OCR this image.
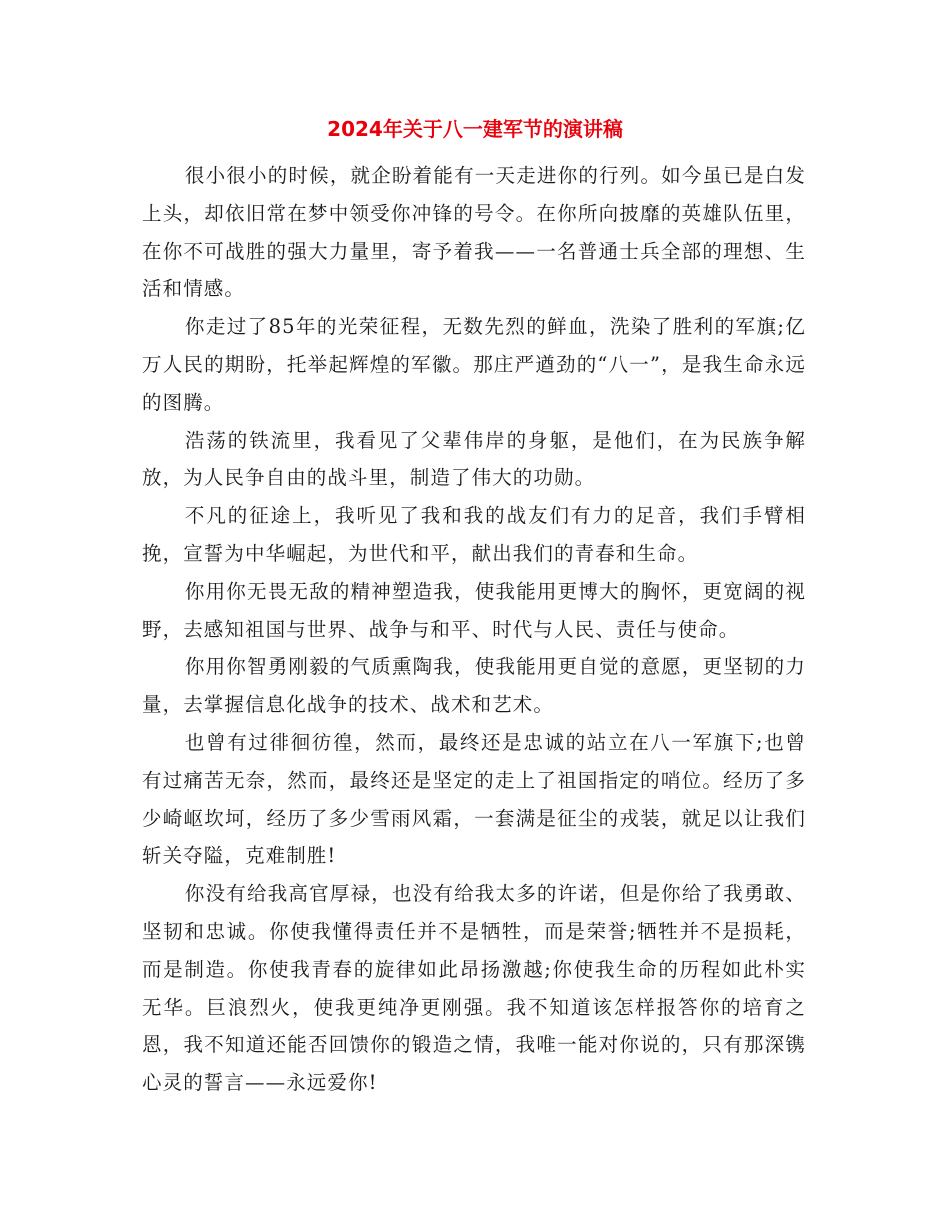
2024年关于八一建军节的演讲稿

很小很小的时候，就企盼着能有一天走进你的行列。如今虽已是白发上头，却依旧常在梦中领受你冲锋的号令。在你所向披靡的英雄队伍里，在你不可战胜的强大力量里，寄予着我——一名普通士兵全部的理想、生活和情感。

你走过了85年的光荣征程，无数先烈的鲜血，洗染了胜利的军旗;亿万人民的期盼，托举起辉煌的军徽。那庄严遒劲的“八一”，是我生命永远的图腾。

浩荡的铁流里，我看见了父辈伟岸的身躯，是他们，在为民族争解放，为人民争自由的战斗里，制造了伟大的功勋。

不凡的征途上，我听见了我和我的战友们有力的足音，我们手臂相挽，宣誓为中华崛起，为世代和平，献出我们的青春和生命。

你用你无畏无敌的精神塑造我，使我能用更博大的胸怀，更宽阔的视野，去感知祖国与世界、战争与和平、时代与人民、责任与使命。

你用你智勇刚毅的气质熏陶我，使我能用更自觉的意愿，更坚韧的力量，去掌握信息化战争的技术、战术和艺术。

也曾有过徘徊彷徨，然而，最终还是忠诚的站立在八一军旗下;也曾有过痛苦无奈，然而，最终还是坚定的走上了祖国指定的哨位。经历了多少崎岖坎坷，经历了多少雪雨风霜，一套满是征尘的戎装，就足以让我们斩关夺隘，克难制胜!

你没有给我高官厚禄，也没有给我太多的许诺，但是你给了我勇敢、坚韧和忠诚。你使我懂得责任并不是牺牲，而是荣誉;牺牲并不是损耗，而是制造。你使我青春的旋律如此昂扬激越;你使我生命的历程如此朴实无华。巨浪烈火，使我更纯净更刚强。我不知道该怎样报答你的培育之恩，我不知道还能否回馈你的锻造之情，我唯一能对你说的，只有那深镌心灵的誓言——永远爱你!
